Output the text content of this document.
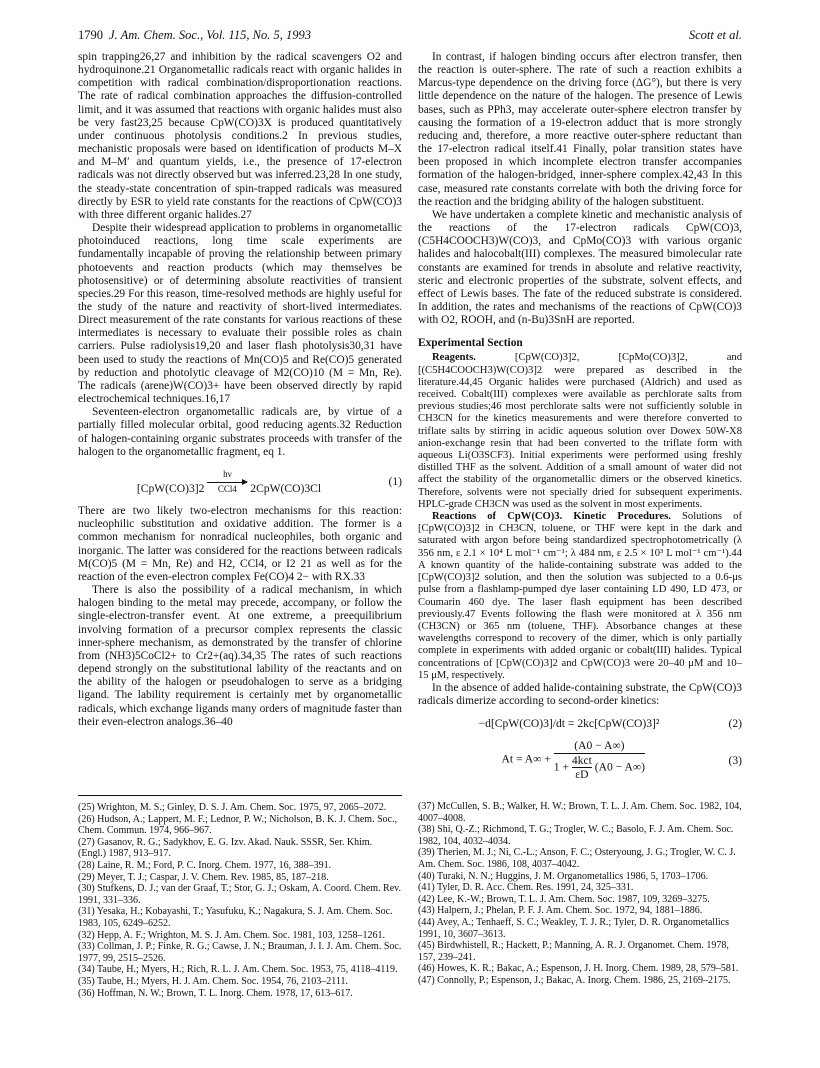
1790 J. Am. Chem. Soc., Vol. 115, No. 5, 1993	Scott et al.

spin trapping26,27 and inhibition by the radical scavengers O2 and hydroquinone.21 Organometallic radicals react with organic halides in competition with radical combination/disproportionation reactions. The rate of radical combination approaches the diffusion-controlled limit, and it was assumed that reactions with organic halides must also be very fast23,25 because CpW(CO)3X is produced quantitatively under continuous photolysis conditions.2 In previous studies, mechanistic proposals were based on identification of products M–X and M–M′ and quantum yields, i.e., the presence of 17-electron radicals was not directly observed but was inferred.23,28 In one study, the steady-state concentration of spin-trapped radicals was measured directly by ESR to yield rate constants for the reactions of CpW(CO)3 with three different organic halides.27

Despite their widespread application to problems in organometallic photoinduced reactions, long time scale experiments are fundamentally incapable of proving the relationship between primary photoevents and reaction products (which may themselves be photosensitive) or of determining absolute reactivities of transient species.29 For this reason, time-resolved methods are highly useful for the study of the nature and reactivity of short-lived intermediates. Direct measurement of the rate constants for various reactions of these intermediates is necessary to evaluate their possible roles as chain carriers. Pulse radiolysis19,20 and laser flash photolysis30,31 have been used to study the reactions of Mn(CO)5 and Re(CO)5 generated by reduction and photolytic cleavage of M2(CO)10 (M = Mn, Re). The radicals (arene)W(CO)3+ have been observed directly by rapid electrochemical techniques.16,17

Seventeen-electron organometallic radicals are, by virtue of a partially filled molecular orbital, good reducing agents.32 Reduction of halogen-containing organic substrates proceeds with transfer of the halogen to the organometallic fragment, eq 1.

[CpW(CO)3]2 hν
CCl4 2CpW(CO)3Cl
(1)

There are two likely two-electron mechanisms for this reaction: nucleophilic substitution and oxidative addition. The former is a common mechanism for nonradical nucleophiles, both organic and inorganic. The latter was considered for the reactions between radicals M(CO)5 (M = Mn, Re) and H2, CCl4, or I2 21 as well as for the reaction of the even-electron complex Fe(CO)4 2− with RX.33

There is also the possibility of a radical mechanism, in which halogen binding to the metal may precede, accompany, or follow the single-electron-transfer event. At one extreme, a preequilibrium involving formation of a precursor complex represents the classic inner-sphere mechanism, as demonstrated by the transfer of chlorine from (NH3)5CoCl2+ to Cr2+(aq).34,35 The rates of such reactions depend strongly on the substitutional lability of the reactants and on the ability of the halogen or pseudohalogen to serve as a bridging ligand. The lability requirement is certainly met by organometallic radicals, which exchange ligands many orders of magnitude faster than their even-electron analogs.36–40

In contrast, if halogen binding occurs after electron transfer, then the reaction is outer-sphere. The rate of such a reaction exhibits a Marcus-type dependence on the driving force (ΔG°), but there is very little dependence on the nature of the halogen. The presence of Lewis bases, such as PPh3, may accelerate outer-sphere electron transfer by causing the formation of a 19-electron adduct that is more strongly reducing and, therefore, a more reactive outer-sphere reductant than the 17-electron radical itself.41 Finally, polar transition states have been proposed in which incomplete electron transfer accompanies formation of the halogen-bridged, inner-sphere complex.42,43 In this case, measured rate constants correlate with both the driving force for the reaction and the bridging ability of the halogen substituent.

We have undertaken a complete kinetic and mechanistic analysis of the reactions of the 17-electron radicals CpW(CO)3, (C5H4COOCH3)W(CO)3, and CpMo(CO)3 with various organic halides and halocobalt(III) complexes. The measured bimolecular rate constants are examined for trends in absolute and relative reactivity, steric and electronic properties of the substrate, solvent effects, and effect of Lewis bases. The fate of the reduced substrate is considered. In addition, the rates and mechanisms of the reactions of CpW(CO)3 with O2, ROOH, and (n-Bu)3SnH are reported.

Experimental Section

Reagents. [CpW(CO)3]2, [CpMo(CO)3]2, and [(C5H4COOCH3)W(CO)3]2 were prepared as described in the literature.44,45 Organic halides were purchased (Aldrich) and used as received. Cobalt(III) complexes were available as perchlorate salts from previous studies;46 most perchlorate salts were not sufficiently soluble in CH3CN for the kinetics measurements and were therefore converted to triflate salts by stirring in acidic aqueous solution over Dowex 50W-X8 anion-exchange resin that had been converted to the triflate form with aqueous Li(O3SCF3). Initial experiments were performed using freshly distilled THF as the solvent. Addition of a small amount of water did not affect the stability of the organometallic dimers or the observed kinetics. Therefore, solvents were not specially dried for subsequent experiments. HPLC-grade CH3CN was used as the solvent in most experiments.

Reactions of CpW(CO)3. Kinetic Procedures. Solutions of [CpW(CO)3]2 in CH3CN, toluene, or THF were kept in the dark and saturated with argon before being standardized spectrophotometrically (λ 356 nm, ε 2.1 × 10⁴ L mol⁻¹ cm⁻¹; λ 484 nm, ε 2.5 × 10³ L mol⁻¹ cm⁻¹).44 A known quantity of the halide-containing substrate was added to the [CpW(CO)3]2 solution, and then the solution was subjected to a 0.6-μs pulse from a flashlamp-pumped dye laser containing LD 490, LD 473, or Coumarin 460 dye. The laser flash equipment has been described previously.47 Events following the flash were monitored at λ 356 nm (CH3CN) or 365 nm (toluene, THF). Absorbance changes at these wavelengths correspond to recovery of the dimer, which is only partially complete in experiments with added organic or cobalt(III) halides. Typical concentrations of [CpW(CO)3]2 and CpW(CO)3 were 20–40 μM and 10–15 μM, respectively.

In the absence of added halide-containing substrate, the CpW(CO)3 radicals dimerize according to second-order kinetics:

−d[CpW(CO)3]/dt = 2kc[CpW(CO)3]²	(2)
At = A∞ +
(A0 − A∞)
$1 + \frac{\text{4kct}}{\varepsilon D} (A0 - A\infty)$	(3)

(25) Wrighton, M. S.; Ginley, D. S. J. Am. Chem. Soc. 1975, 97, 2065–2072.

(26) Hudson, A.; Lappert, M. F.; Lednor, P. W.; Nicholson, B. K. J. Chem. Soc., Chem. Commun. 1974, 966–967.

(27) Gasanov, R. G.; Sadykhov, E. G. Izv. Akad. Nauk. SSSR, Ser. Khim. (Engl.) 1987, 913–917.

(28) Laine, R. M.; Ford, P. C. Inorg. Chem. 1977, 16, 388–391.

(29) Meyer, T. J.; Caspar, J. V. Chem. Rev. 1985, 85, 187–218.

(30) Stufkens, D. J.; van der Graaf, T.; Stor, G. J.; Oskam, A. Coord. Chem. Rev. 1991, 331–336.

(31) Yesaka, H.; Kobayashi, T.; Yasufuku, K.; Nagakura, S. J. Am. Chem. Soc. 1983, 105, 6249–6252.

(32) Hepp, A. F.; Wrighton, M. S. J. Am. Chem. Soc. 1981, 103, 1258–1261.

(33) Collman, J. P.; Finke, R. G.; Cawse, J. N.; Brauman, J. I. J. Am. Chem. Soc. 1977, 99, 2515–2526.

(34) Taube, H.; Myers, H.; Rich, R. L. J. Am. Chem. Soc. 1953, 75, 4118–4119.

(35) Taube, H.; Myers, H. J. Am. Chem. Soc. 1954, 76, 2103–2111.

(36) Hoffman, N. W.; Brown, T. L. Inorg. Chem. 1978, 17, 613–617.

(37) McCullen, S. B.; Walker, H. W.; Brown, T. L. J. Am. Chem. Soc. 1982, 104, 4007–4008.

(38) Shi, Q.-Z.; Richmond, T. G.; Trogler, W. C.; Basolo, F. J. Am. Chem. Soc. 1982, 104, 4032–4034.

(39) Therien, M. J.; Ni, C.-L.; Anson, F. C.; Osteryoung, J. G.; Trogler, W. C. J. Am. Chem. Soc. 1986, 108, 4037–4042.

(40) Turaki, N. N.; Huggins, J. M. Organometallics 1986, 5, 1703–1706.

(41) Tyler, D. R. Acc. Chem. Res. 1991, 24, 325–331.

(42) Lee, K.-W.; Brown, T. L. J. Am. Chem. Soc. 1987, 109, 3269–3275.

(43) Halpern, J.; Phelan, P. F. J. Am. Chem. Soc. 1972, 94, 1881–1886.

(44) Avey, A.; Tenhaeff, S. C.; Weakley, T. J. R.; Tyler, D. R. Organometallics 1991, 10, 3607–3613.

(45) Birdwhistell, R.; Hackett, P.; Manning, A. R. J. Organomet. Chem. 1978, 157, 239–241.

(46) Howes, K. R.; Bakac, A.; Espenson, J. H. Inorg. Chem. 1989, 28, 579–581.

(47) Connolly, P.; Espenson, J.; Bakac, A. Inorg. Chem. 1986, 25, 2169–2175.
